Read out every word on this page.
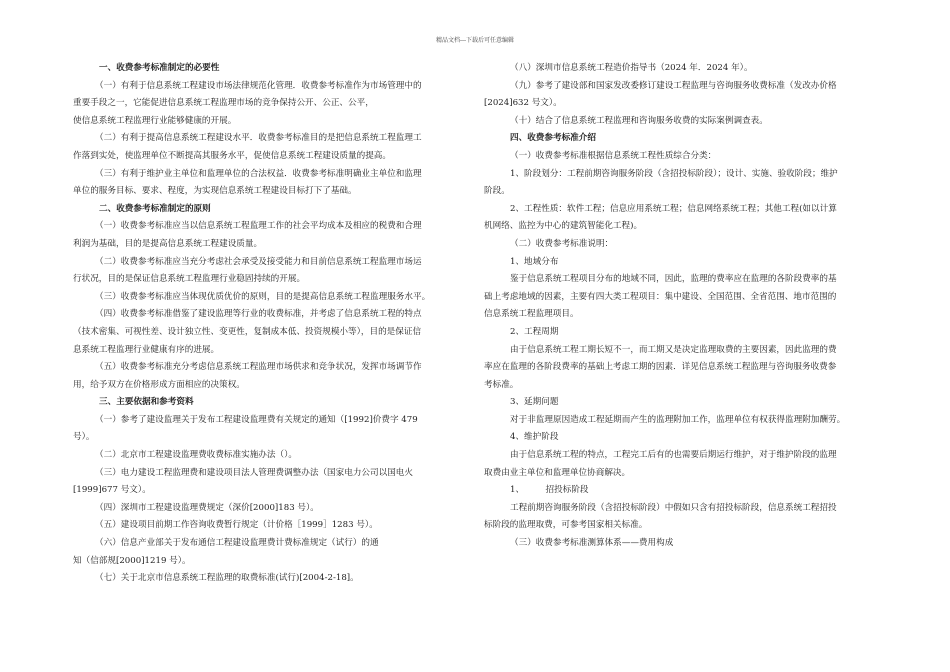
精品文档---下载后可任意编辑
一、收费参考标准制定的必要性
（一）有利于信息系统工程建设市场法律规范化管理．收费参考标准作为市场管理中的
重要手段之一，它能促进信息系统工程监理市场的竞争保持公开、公正、公平，
使信息系统工程监理行业能够健康的开展。
（二）有利于提高信息系统工程建设水平．收费参考标准目的是把信息系统工程监理工
作落到实处，使监理单位不断提高其服务水平，促使信息系统工程建设质量的提高。
（三）有利于维护业主单位和监理单位的合法权益．收费参考标准明确业主单位和监理
单位的服务目标、要求、程度，为实现信息系统工程建设目标打下了基础。
二、收费参考标准制定的原则
（一）收费参考标准应当以信息系统工程监理工作的社会平均成本及相应的税费和合理
利润为基础，目的是提高信息系统工程建设质量。
（二）收费参考标准应当充分考虑社会承受及接受能力和目前信息系统工程监理市场运
行状况，目的是保证信息系统工程监理行业稳固持续的开展。
（三）收费参考标准应当体现优质优价的原则，目的是提高信息系统工程监理服务水平。
（四）收费参考标准借鉴了建设监理等行业的收费标准，并考虑了信息系统工程的特点
（技术密集、可视性差、设计独立性、变更性，复制成本低、投资规模小等），目的是保证信
息系统工程监理行业健康有序的进展。
（五）收费参考标准充分考虑信息系统工程监理市场供求和竞争状况，发挥市场调节作
用，给予双方在价格形成方面相应的决策权。
三、主要依据和参考资料
（一）参考了建设监理关于发布工程建设监理费有关规定的通知（[1992]价费字 479
号）。
（二）北京市工程建设监理费收费标准实施办法（）。
（三）电力建设工程监理费和建设项目法人管理费调整办法（国家电力公司以国电火
[1999]677 号文）。
（四）深圳市工程建设监理费规定（深价[2000]183 号）。
（五）建设项目前期工作咨询收费暂行规定（计价格［1999］1283 号）。
（六）信息产业部关于发布通信工程建设监理费计费标准规定（试行）的通
知（信部规[2000]1219 号）。
（七）关于北京市信息系统工程监理的取费标准(试行)[2004-2-18]。
（八）深圳市信息系统工程造价指导书（2024 年．2024 年）。
（九）参考了建设部和国家发改委修订建设工程监理与咨询服务收费标准（发改办价格
[2024]632 号文）。
（十）结合了信息系统工程监理和咨询服务收费的实际案例调查表。
四、收费参考标准介绍
（一）收费参考标准根据信息系统工程性质综合分类：
1、阶段划分：工程前期咨询服务阶段（含招投标阶段）；设计、实施、验收阶段；维护
阶段。
2、工程性质：软件工程；信息应用系统工程；信息网络系统工程；其他工程(如以计算
机网络、监控为中心的建筑智能化工程)。
（二）收费参考标准说明：
1、地域分布
鉴于信息系统工程项目分布的地域不同，因此，监理的费率应在监理的各阶段费率的基
础上考虑地域的因素，主要有四大类工程项目：集中建设、全国范围、全省范围、地市范围的
信息系统工程监理项目。
2、工程周期
由于信息系统工程工期长短不一，而工期又是决定监理取费的主要因素，因此监理的费
率应在监理的各阶段费率的基础上考虑工期的因素．详见信息系统工程监理与咨询服务收费参
考标准。
3、延期问题
对于非监理原因造成工程延期而产生的监理附加工作，监理单位有权获得监理附加酬劳。
4、维护阶段
由于信息系统工程的特点，工程完工后有的也需要后期运行维护，对于维护阶段的监理
取费由业主单位和监理单位协商解决。
1、　　　招投标阶段
工程前期咨询服务阶段（含招投标阶段）中假如只含有招投标阶段，信息系统工程招投
标阶段的监理取费，可参考国家相关标准。
（三）收费参考标准测算体系——费用构成
